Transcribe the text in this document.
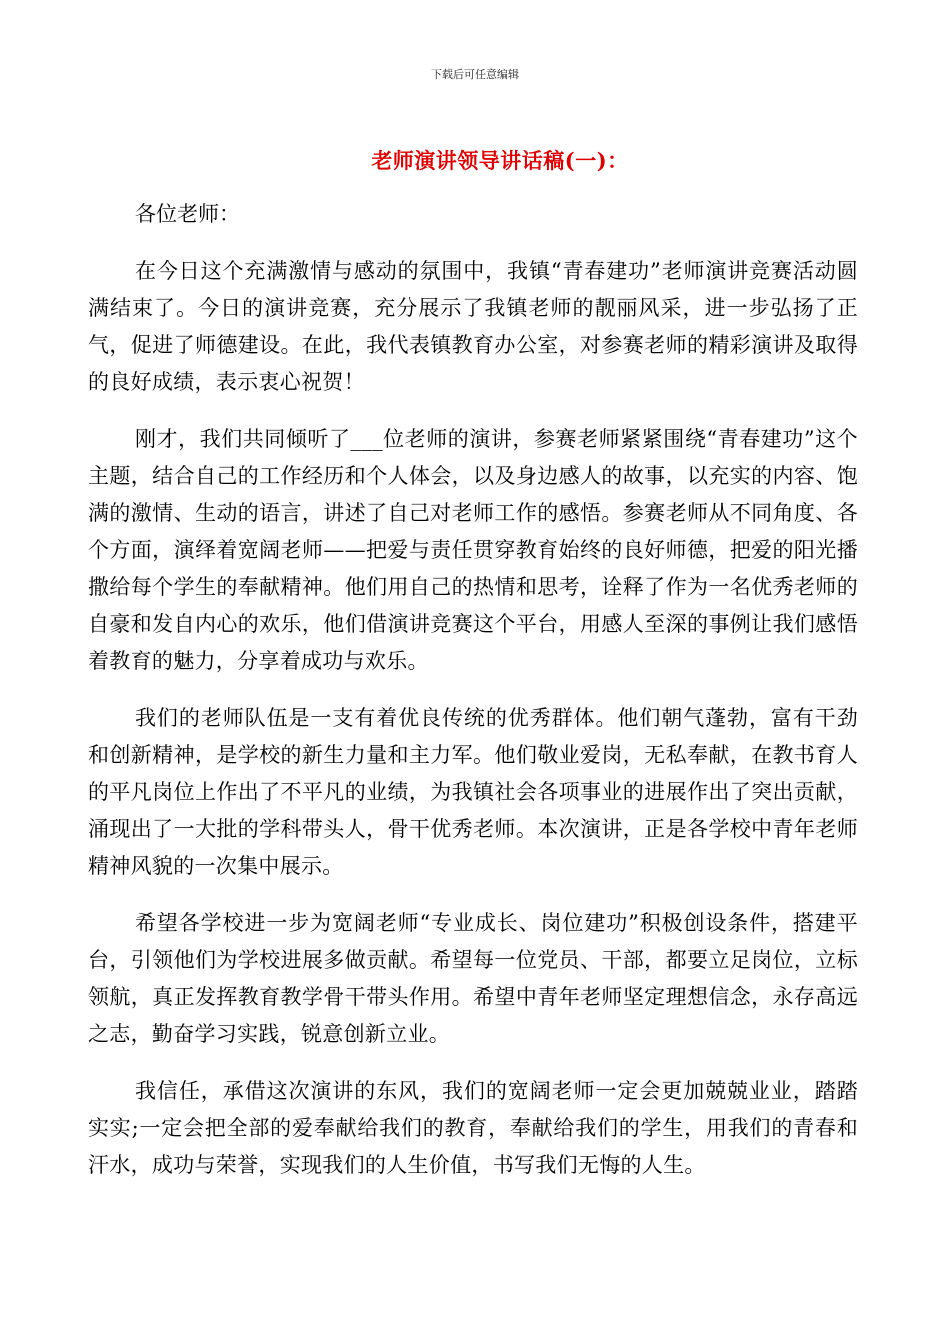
下载后可任意编辑
老师演讲领导讲话稿(一)：

各位老师：

在今日这个充满激情与感动的氛围中，我镇“青春建功”老师演讲竞赛活动圆满结束了。今日的演讲竞赛，充分展示了我镇老师的靓丽风采，进一步弘扬了正气，促进了师德建设。在此，我代表镇教育办公室，对参赛老师的精彩演讲及取得的良好成绩，表示衷心祝贺！

刚才，我们共同倾听了___位老师的演讲，参赛老师紧紧围绕“青春建功”这个主题，结合自己的工作经历和个人体会，以及身边感人的故事，以充实的内容、饱满的激情、生动的语言，讲述了自己对老师工作的感悟。参赛老师从不同角度、各个方面，演绎着宽阔老师——把爱与责任贯穿教育始终的良好师德，把爱的阳光播撒给每个学生的奉献精神。他们用自己的热情和思考，诠释了作为一名优秀老师的自豪和发自内心的欢乐，他们借演讲竞赛这个平台，用感人至深的事例让我们感悟着教育的魅力，分享着成功与欢乐。

我们的老师队伍是一支有着优良传统的优秀群体。他们朝气蓬勃，富有干劲和创新精神，是学校的新生力量和主力军。他们敬业爱岗，无私奉献，在教书育人的平凡岗位上作出了不平凡的业绩，为我镇社会各项事业的进展作出了突出贡献，涌现出了一大批的学科带头人，骨干优秀老师。本次演讲，正是各学校中青年老师精神风貌的一次集中展示。

希望各学校进一步为宽阔老师“专业成长、岗位建功”积极创设条件，搭建平台，引领他们为学校进展多做贡献。希望每一位党员、干部，都要立足岗位，立标领航，真正发挥教育教学骨干带头作用。希望中青年老师坚定理想信念，永存高远之志，勤奋学习实践，锐意创新立业。

我信任，承借这次演讲的东风，我们的宽阔老师一定会更加兢兢业业，踏踏实实;一定会把全部的爱奉献给我们的教育，奉献给我们的学生，用我们的青春和汗水，成功与荣誉，实现我们的人生价值，书写我们无悔的人生。
